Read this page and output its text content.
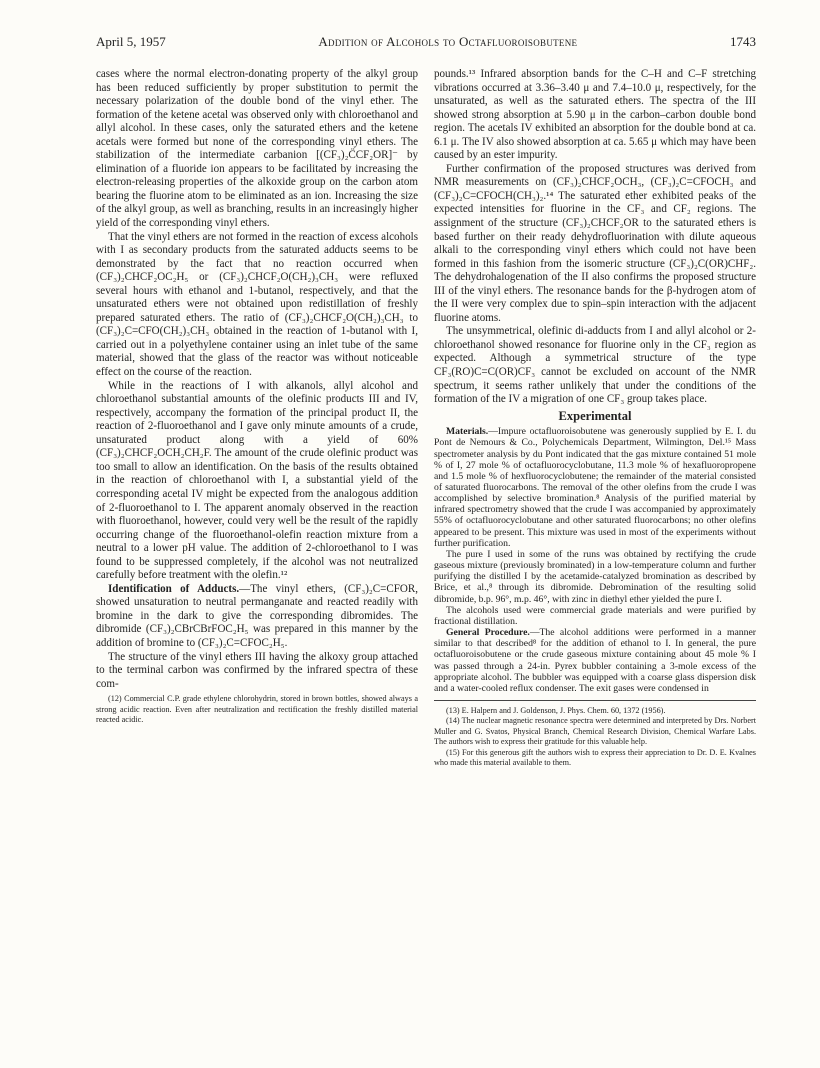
April 5, 1957	Addition of Alcohols to Octafluoroisobutene	1743

cases where the normal electron-donating property of the alkyl group has been reduced sufficiently by proper substitution to permit the necessary polarization of the double bond of the vinyl ether. The formation of the ketene acetal was observed only with chloroethanol and allyl alcohol. In these cases, only the saturated ethers and the ketene acetals were formed but none of the corresponding vinyl ethers. The stabilization of the intermediate carbanion [(CF₃)₂C̈CF₂OR]⁻ by elimination of a fluoride ion appears to be facilitated by increasing the electron-releasing properties of the alkoxide group on the carbon atom bearing the fluorine atom to be eliminated as an ion. Increasing the size of the alkyl group, as well as branching, results in an increasingly higher yield of the corresponding vinyl ethers.

That the vinyl ethers are not formed in the reaction of excess alcohols with I as secondary products from the saturated adducts seems to be demonstrated by the fact that no reaction occurred when (CF₃)₂CHCF₂OC₂H₅ or (CF₃)₂CHCF₂O(CH₂)₃CH₃ were refluxed several hours with ethanol and 1-butanol, respectively, and that the unsaturated ethers were not obtained upon redistillation of freshly prepared saturated ethers. The ratio of (CF₃)₂CHCF₂O(CH₂)₃CH₃ to (CF₃)₂C=CFO(CH₂)₃CH₃ obtained in the reaction of 1-butanol with I, carried out in a polyethylene container using an inlet tube of the same material, showed that the glass of the reactor was without noticeable effect on the course of the reaction.

While in the reactions of I with alkanols, allyl alcohol and chloroethanol substantial amounts of the olefinic products III and IV, respectively, accompany the formation of the principal product II, the reaction of 2-fluoroethanol and I gave only minute amounts of a crude, unsaturated product along with a yield of 60% (CF₃)₂CHCF₂OCH₂CH₂F. The amount of the crude olefinic product was too small to allow an identification. On the basis of the results obtained in the reaction of chloroethanol with I, a substantial yield of the corresponding acetal IV might be expected from the analogous addition of 2-fluoroethanol to I. The apparent anomaly observed in the reaction with fluoroethanol, however, could very well be the result of the rapidly occurring change of the fluoroethanol-olefin reaction mixture from a neutral to a lower pH value. The addition of 2-chloroethanol to I was found to be suppressed completely, if the alcohol was not neutralized carefully before treatment with the olefin.¹²

Identification of Adducts.—The vinyl ethers, (CF₃)₂C=CFOR, showed unsaturation to neutral permanganate and reacted readily with bromine in the dark to give the corresponding dibromides. The dibromide (CF₃)₂CBrCBrFOC₂H₅ was prepared in this manner by the addition of bromine to (CF₃)₂C=CFOC₂H₅.

The structure of the vinyl ethers III having the alkoxy group attached to the terminal carbon was confirmed by the infrared spectra of these com-

(12) Commercial C.P. grade ethylene chlorohydrin, stored in brown bottles, showed always a strong acidic reaction. Even after neutralization and rectification the freshly distilled material reacted acidic.

pounds.¹³ Infrared absorption bands for the C–H and C–F stretching vibrations occurred at 3.36–3.40 μ and 7.4–10.0 μ, respectively, for the unsaturated, as well as the saturated ethers. The spectra of the III showed strong absorption at 5.90 μ in the carbon–carbon double bond region. The acetals IV exhibited an absorption for the double bond at ca. 6.1 μ. The IV also showed absorption at ca. 5.65 μ which may have been caused by an ester impurity.

Further confirmation of the proposed structures was derived from NMR measurements on (CF₃)₂CHCF₂OCH₃, (CF₃)₂C=CFOCH₃ and (CF₃)₂C=CFOCH(CH₃)₂.¹⁴ The saturated ether exhibited peaks of the expected intensities for fluorine in the CF₃ and CF₂ regions. The assignment of the structure (CF₃)₂CHCF₂OR to the saturated ethers is based further on their ready dehydrofluorination with dilute aqueous alkali to the corresponding vinyl ethers which could not have been formed in this fashion from the isomeric structure (CF₃)₂C(OR)CHF₂. The dehydrohalogenation of the II also confirms the proposed structure III of the vinyl ethers. The resonance bands for the β-hydrogen atom of the II were very complex due to spin–spin interaction with the adjacent fluorine atoms.

The unsymmetrical, olefinic di-adducts from I and allyl alcohol or 2-chloroethanol showed resonance for fluorine only in the CF₃ region as expected. Although a symmetrical structure of the type CF₃(RO)C=C(OR)CF₃ cannot be excluded on account of the NMR spectrum, it seems rather unlikely that under the conditions of the formation of the IV a migration of one CF₃ group takes place.

Experimental

Materials.—Impure octafluoroisobutene was generously supplied by E. I. du Pont de Nemours & Co., Polychemicals Department, Wilmington, Del.¹⁵ Mass spectrometer analysis by du Pont indicated that the gas mixture contained 51 mole % of I, 27 mole % of octafluorocyclobutane, 11.3 mole % of hexafluoropropene and 1.5 mole % of hexfluorocyclobutene; the remainder of the material consisted of saturated fluorocarbons. The removal of the other olefins from the crude I was accomplished by selective bromination.⁸ Analysis of the purified material by infrared spectrometry showed that the crude I was accompanied by approximately 55% of octafluorocyclobutane and other saturated fluorocarbons; no other olefins appeared to be present. This mixture was used in most of the experiments without further purification.

The pure I used in some of the runs was obtained by rectifying the crude gaseous mixture (previously brominated) in a low-temperature column and further purifying the distilled I by the acetamide-catalyzed bromination as described by Brice, et al.,⁸ through its dibromide. Debromination of the resulting solid dibromide, b.p. 96°, m.p. 46°, with zinc in diethyl ether yielded the pure I.

The alcohols used were commercial grade materials and were purified by fractional distillation.

General Procedure.—The alcohol additions were performed in a manner similar to that described⁸ for the addition of ethanol to I. In general, the pure octafluoroisobutene or the crude gaseous mixture containing about 45 mole % I was passed through a 24-in. Pyrex bubbler containing a 3-mole excess of the appropriate alcohol. The bubbler was equipped with a coarse glass dispersion disk and a water-cooled reflux condenser. The exit gases were condensed in

(13) E. Halpern and J. Goldenson, J. Phys. Chem. 60, 1372 (1956).

(14) The nuclear magnetic resonance spectra were determined and interpreted by Drs. Norbert Muller and G. Svatos, Physical Branch, Chemical Research Division, Chemical Warfare Labs. The authors wish to express their gratitude for this valuable help.

(15) For this generous gift the authors wish to express their appreciation to Dr. D. E. Kvalnes who made this material available to them.
